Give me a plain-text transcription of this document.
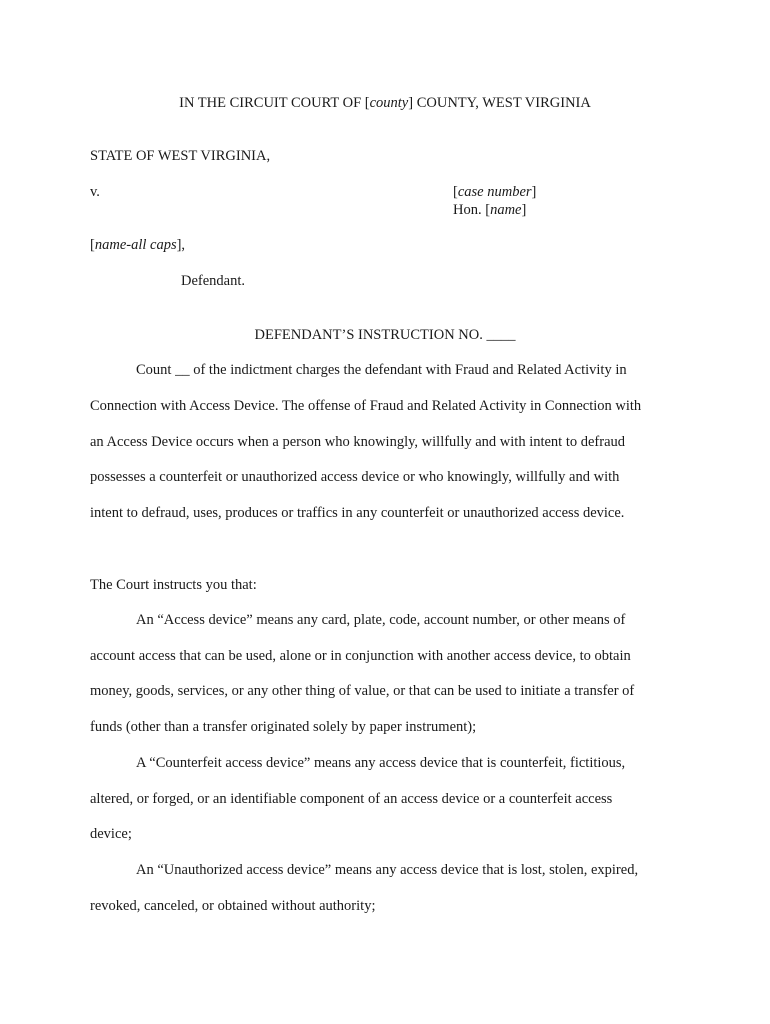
IN THE CIRCUIT COURT OF [county] COUNTY, WEST VIRGINIA
STATE OF WEST VIRGINIA,
v.	[case number]
Hon. [name]
[name-all caps],
Defendant.
DEFENDANT’S INSTRUCTION NO. ____
Count __ of the indictment charges the defendant with Fraud and Related Activity in
Connection with Access Device. The offense of Fraud and Related Activity in Connection with
an Access Device occurs when a person who knowingly, willfully and with intent to defraud
possesses a counterfeit or unauthorized access device or who knowingly, willfully and with
intent to defraud, uses, produces or traffics in any counterfeit or unauthorized access device.
The Court instructs you that:
An “Access device” means any card, plate, code, account number, or other means of
account access that can be used, alone or in conjunction with another access device, to obtain
money, goods, services, or any other thing of value, or that can be used to initiate a transfer of
funds (other than a transfer originated solely by paper instrument);
A “Counterfeit access device” means any access device that is counterfeit, fictitious,
altered, or forged, or an identifiable component of an access device or a counterfeit access
device;
An “Unauthorized access device” means any access device that is lost, stolen, expired,
revoked, canceled, or obtained without authority;
